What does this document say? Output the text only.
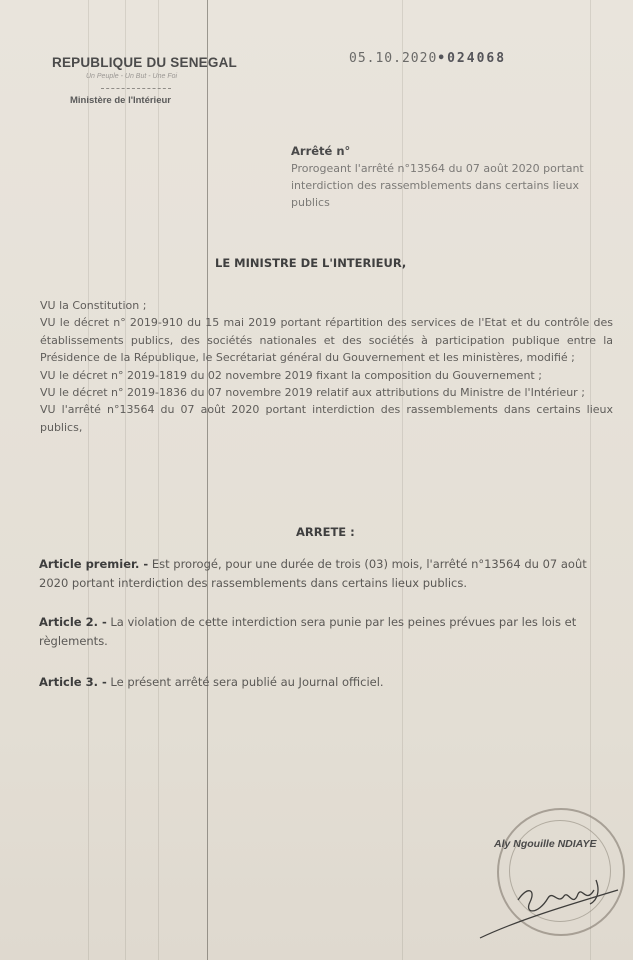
REPUBLIQUE DU SENEGAL
Un Peuple - Un But - Une Foi
Ministère de l'Intérieur
05.10.2020•024068
Arrêté n°
Prorogeant l'arrêté n°13564 du 07 août 2020 portant interdiction des rassemblements dans certains lieux publics
LE MINISTRE DE L'INTERIEUR,

VU la Constitution ;

VU le décret n° 2019-910 du 15 mai 2019 portant répartition des services de l'Etat et du contrôle des établissements publics, des sociétés nationales et des sociétés à participation publique entre la Présidence de la République, le Secrétariat général du Gouvernement et les ministères, modifié ;

VU le décret n° 2019-1819 du 02 novembre 2019 fixant la composition du Gouvernement ;

VU le décret n° 2019-1836 du 07 novembre 2019 relatif aux attributions du Ministre de l'Intérieur ;

VU l'arrêté n°13564 du 07 août 2020 portant interdiction des rassemblements dans certains lieux publics,

ARRETE :
Article premier. - Est prorogé, pour une durée de trois (03) mois, l'arrêté n°13564 du 07 août 2020 portant interdiction des rassemblements dans certains lieux publics.
Article 2. - La violation de cette interdiction sera punie par les peines prévues par les lois et règlements.
Article 3. - Le présent arrêté sera publié au Journal officiel.
Aly Ngouille NDIAYE
